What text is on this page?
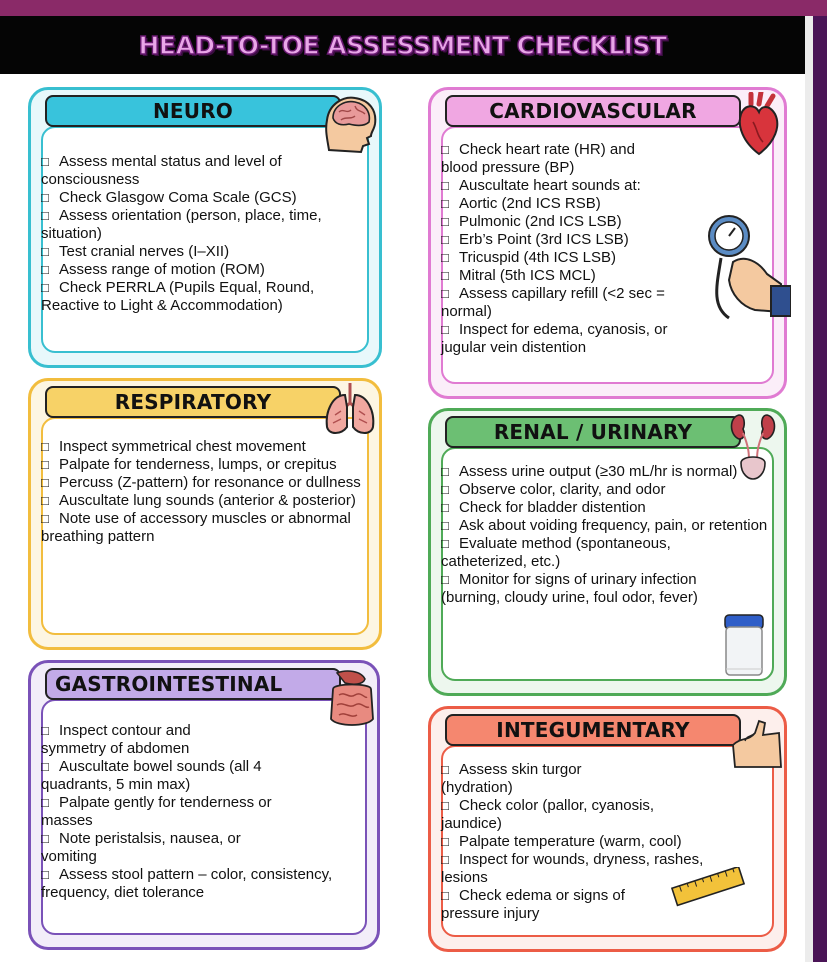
HEAD-TO-TOE ASSESSMENT CHECKLIST
NEURO
□ Assess mental status and level of consciousness
□ Check Glasgow Coma Scale (GCS)
□ Assess orientation (person, place, time, situation)
□ Test cranial nerves (I–XII)
□ Assess range of motion (ROM)
□ Check PERRLA (Pupils Equal, Round, Reactive to Light & Accommodation)
CARDIOVASCULAR
□ Check heart rate (HR) and blood pressure (BP)
□ Auscultate heart sounds at:
□ Aortic (2nd ICS RSB)
□ Pulmonic (2nd ICS LSB)
□ Erb’s Point (3rd ICS LSB)
□ Tricuspid (4th ICS LSB)
□ Mitral (5th ICS MCL)
□ Assess capillary refill (<2 sec = normal)
□ Inspect for edema, cyanosis, or jugular vein distention
RESPIRATORY
□ Inspect symmetrical chest movement
□ Palpate for tenderness, lumps, or crepitus
□ Percuss (Z-pattern) for resonance or dullness
□ Auscultate lung sounds (anterior & posterior)
□ Note use of accessory muscles or abnormal breathing pattern
RENAL / URINARY
□ Assess urine output (≥30 mL/hr is normal)
□ Observe color, clarity, and odor
□ Check for bladder distention
□ Ask about voiding frequency, pain, or retention
□ Evaluate method (spontaneous, catheterized, etc.)
□ Monitor for signs of urinary infection (burning, cloudy urine, foul odor, fever)
GASTROINTESTINAL
□ Inspect contour and symmetry of abdomen
□ Auscultate bowel sounds (all 4 quadrants, 5 min max)
□ Palpate gently for tenderness or masses
□ Note peristalsis, nausea, or vomiting
□ Assess stool pattern – color, consistency, frequency, diet tolerance
INTEGUMENTARY
□ Assess skin turgor (hydration)
□ Check color (pallor, cyanosis, jaundice)
□ Palpate temperature (warm, cool)
□ Inspect for wounds, dryness, rashes, lesions
□ Check edema or signs of pressure injury
